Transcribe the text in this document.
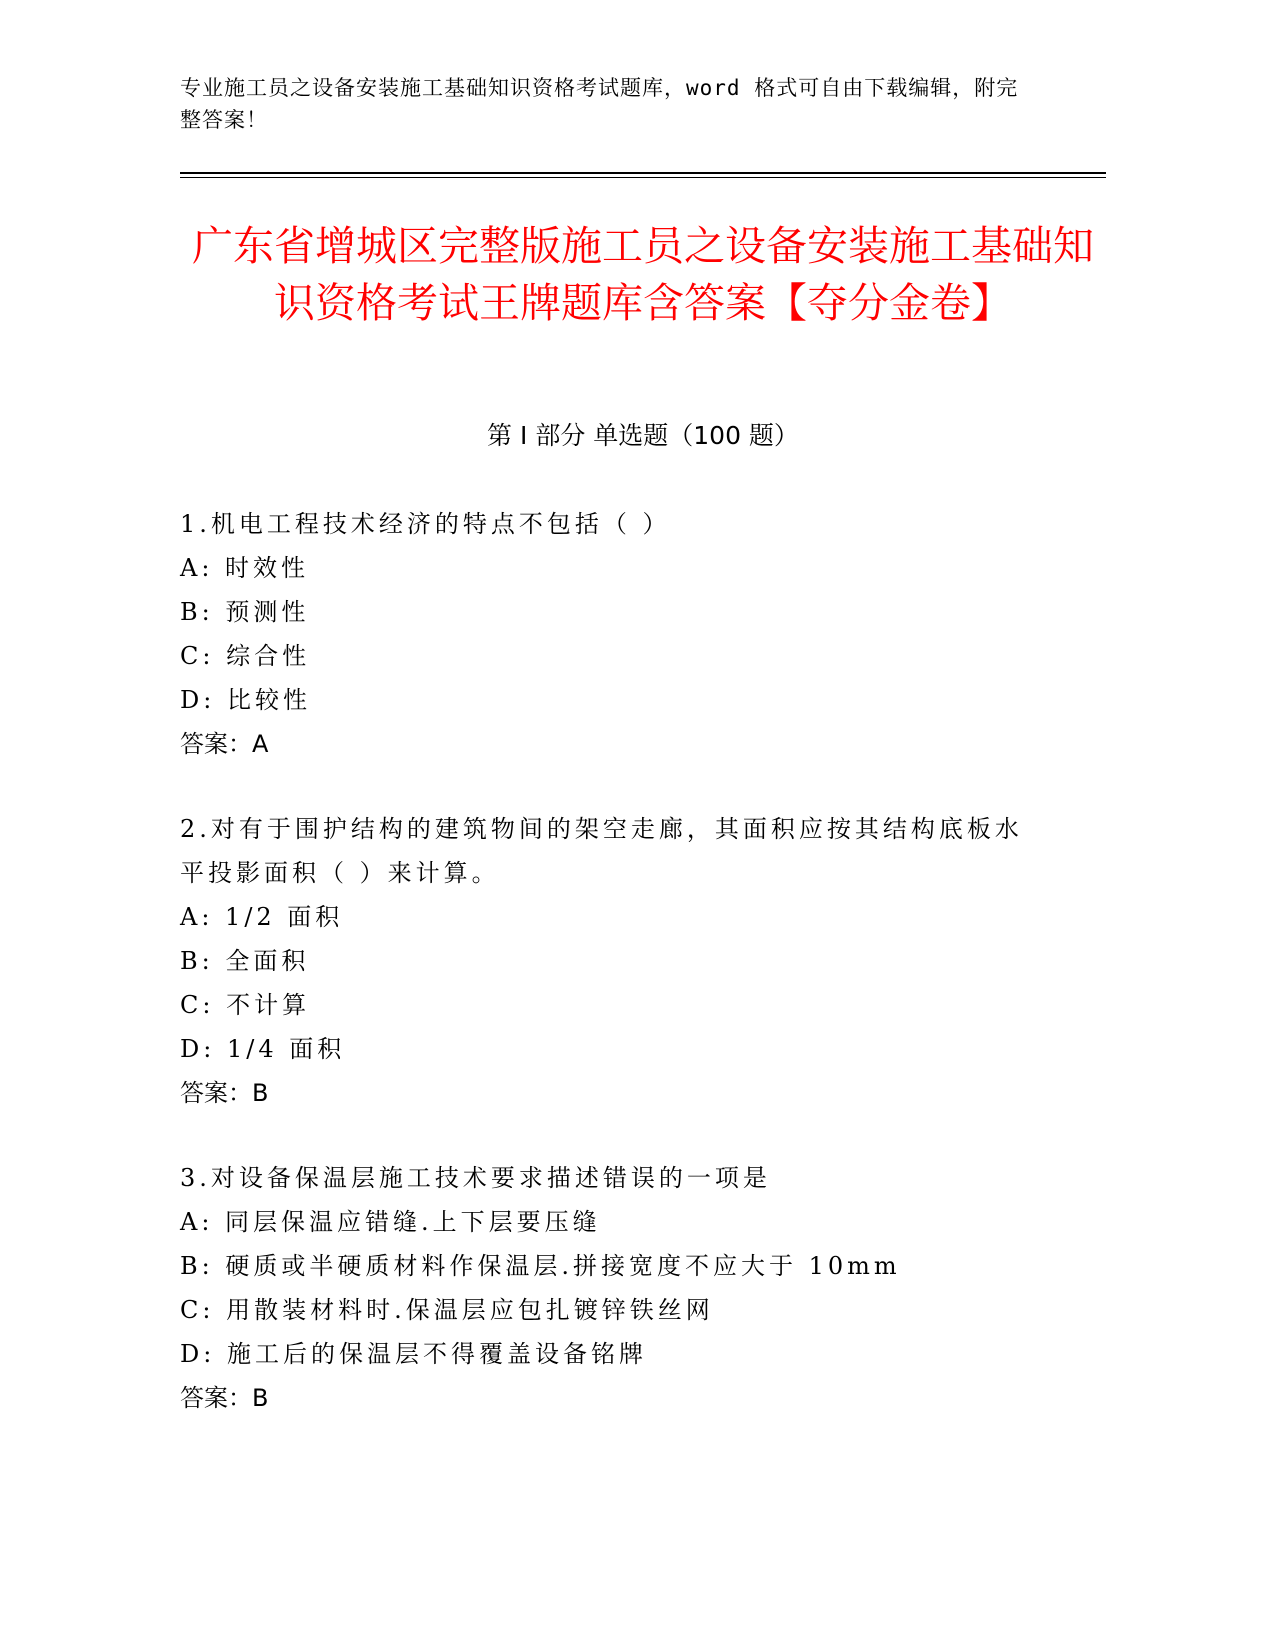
专业施工员之设备安装施工基础知识资格考试题库，word 格式可自由下载编辑，附完整答案！
广东省增城区完整版施工员之设备安装施工基础知识资格考试王牌题库含答案【夺分金卷】
第 I 部分 单选题（100 题）

1.机电工程技术经济的特点不包括（ ）

A: 时效性

B: 预测性

C: 综合性

D: 比较性

答案：A

2.对有于围护结构的建筑物间的架空走廊，其面积应按其结构底板水平投影面积（ ）来计算。

A: 1/2 面积

B: 全面积

C: 不计算

D: 1/4 面积

答案：B

3.对设备保温层施工技术要求描述错误的一项是

A: 同层保温应错缝.上下层要压缝

B: 硬质或半硬质材料作保温层.拼接宽度不应大于 10mm

C: 用散装材料时.保温层应包扎镀锌铁丝网

D: 施工后的保温层不得覆盖设备铭牌

答案：B
